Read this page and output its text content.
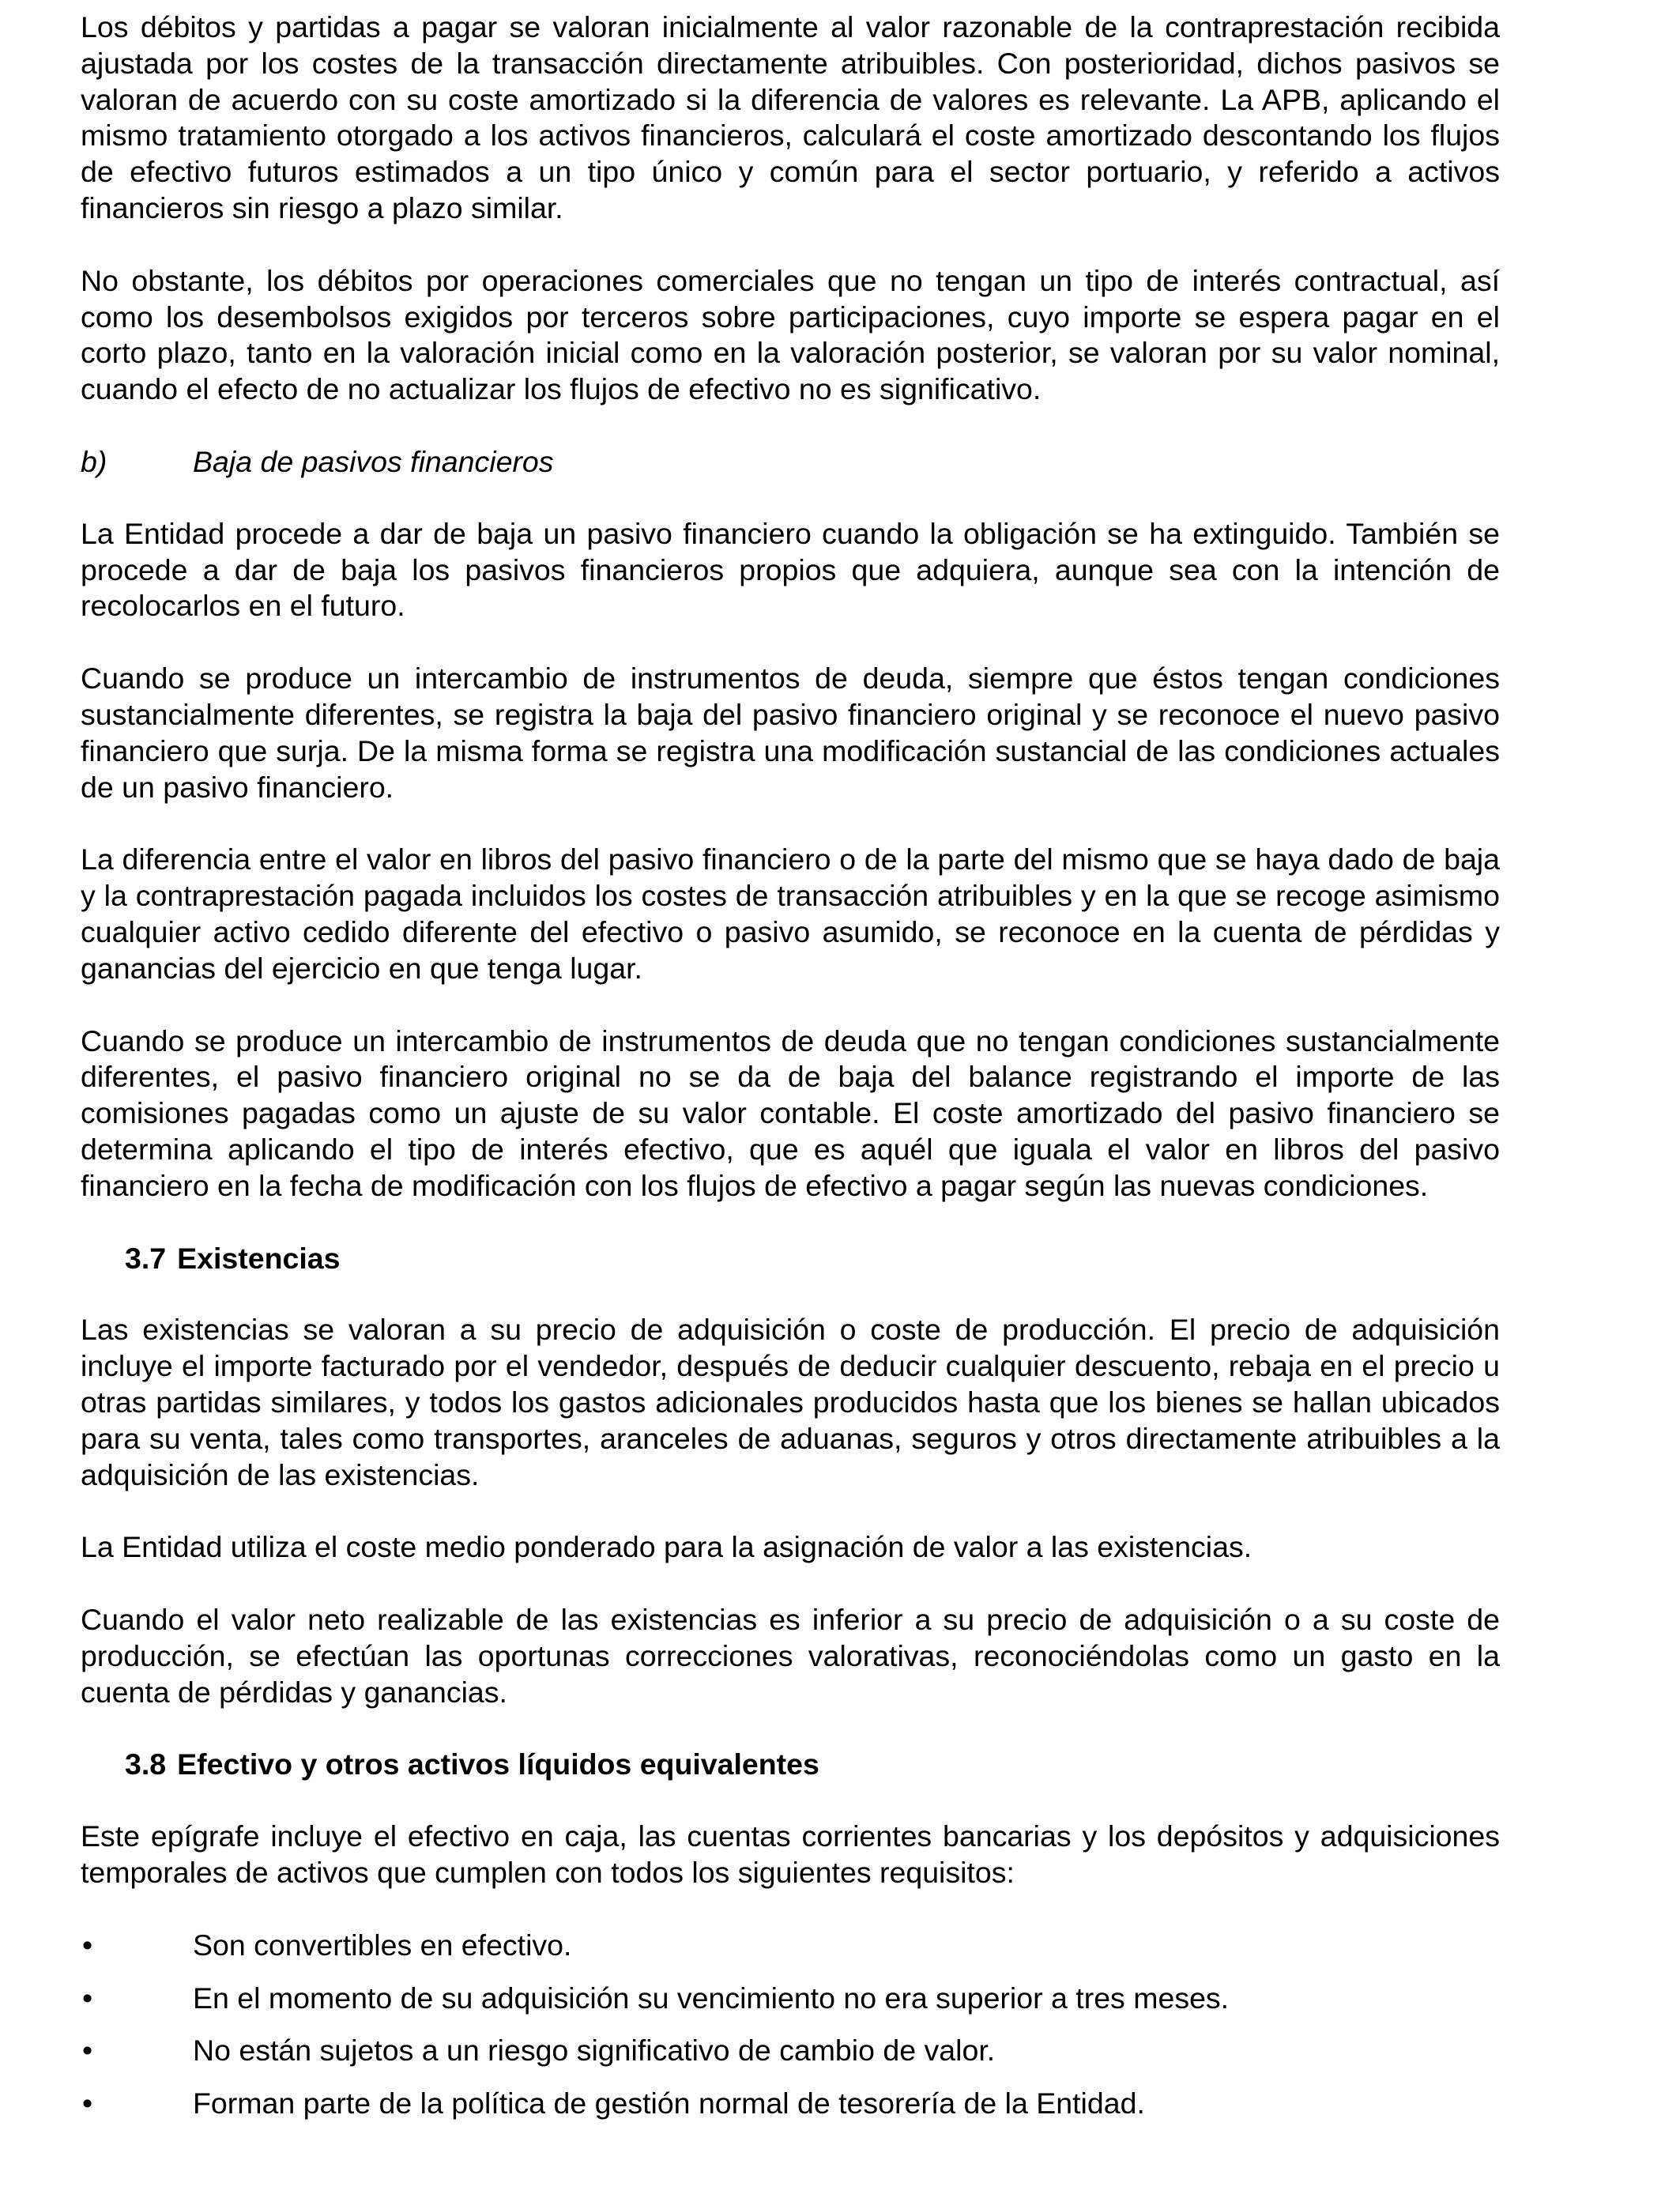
Los débitos y partidas a pagar se valoran inicialmente al valor razonable de la contraprestación recibida ajustada por los costes de la transacción directamente atribuibles. Con posterioridad, dichos pasivos se valoran de acuerdo con su coste amortizado si la diferencia de valores es relevante. La APB, aplicando el mismo tratamiento otorgado a los activos financieros, calculará el coste amortizado descontando los flujos de efectivo futuros estimados a un tipo único y común para el sector portuario, y referido a activos financieros sin riesgo a plazo similar.

No obstante, los débitos por operaciones comerciales que no tengan un tipo de interés contractual, así como los desembolsos exigidos por terceros sobre participaciones, cuyo importe se espera pagar en el corto plazo, tanto en la valoración inicial como en la valoración posterior, se valoran por su valor nominal, cuando el efecto de no actualizar los flujos de efectivo no es significativo.

b)	Baja de pasivos financieros

La Entidad procede a dar de baja un pasivo financiero cuando la obligación se ha extinguido. También se procede a dar de baja los pasivos financieros propios que adquiera, aunque sea con la intención de recolocarlos en el futuro.

Cuando se produce un intercambio de instrumentos de deuda, siempre que éstos tengan condiciones sustancialmente diferentes, se registra la baja del pasivo financiero original y se reconoce el nuevo pasivo financiero que surja. De la misma forma se registra una modificación sustancial de las condiciones actuales de un pasivo financiero.

La diferencia entre el valor en libros del pasivo financiero o de la parte del mismo que se haya dado de baja y la contraprestación pagada incluidos los costes de transacción atribuibles y en la que se recoge asimismo cualquier activo cedido diferente del efectivo o pasivo asumido, se reconoce en la cuenta de pérdidas y ganancias del ejercicio en que tenga lugar.

Cuando se produce un intercambio de instrumentos de deuda que no tengan condiciones sustancialmente diferentes, el pasivo financiero original no se da de baja del balance registrando el importe de las comisiones pagadas como un ajuste de su valor contable. El coste amortizado del pasivo financiero se determina aplicando el tipo de interés efectivo, que es aquél que iguala el valor en libros del pasivo financiero en la fecha de modificación con los flujos de efectivo a pagar según las nuevas condiciones.

3.7 Existencias

Las existencias se valoran a su precio de adquisición o coste de producción. El precio de adquisición incluye el importe facturado por el vendedor, después de deducir cualquier descuento, rebaja en el precio u otras partidas similares, y todos los gastos adicionales producidos hasta que los bienes se hallan ubicados para su venta, tales como transportes, aranceles de aduanas, seguros y otros directamente atribuibles a la adquisición de las existencias.

La Entidad utiliza el coste medio ponderado para la asignación de valor a las existencias.

Cuando el valor neto realizable de las existencias es inferior a su precio de adquisición o a su coste de producción, se efectúan las oportunas correcciones valorativas, reconociéndolas como un gasto en la cuenta de pérdidas y ganancias.

3.8 Efectivo y otros activos líquidos equivalentes

Este epígrafe incluye el efectivo en caja, las cuentas corrientes bancarias y los depósitos y adquisiciones temporales de activos que cumplen con todos los siguientes requisitos:

•	Son convertibles en efectivo.
•	En el momento de su adquisición su vencimiento no era superior a tres meses.
•	No están sujetos a un riesgo significativo de cambio de valor.
•	Forman parte de la política de gestión normal de tesorería de la Entidad.
